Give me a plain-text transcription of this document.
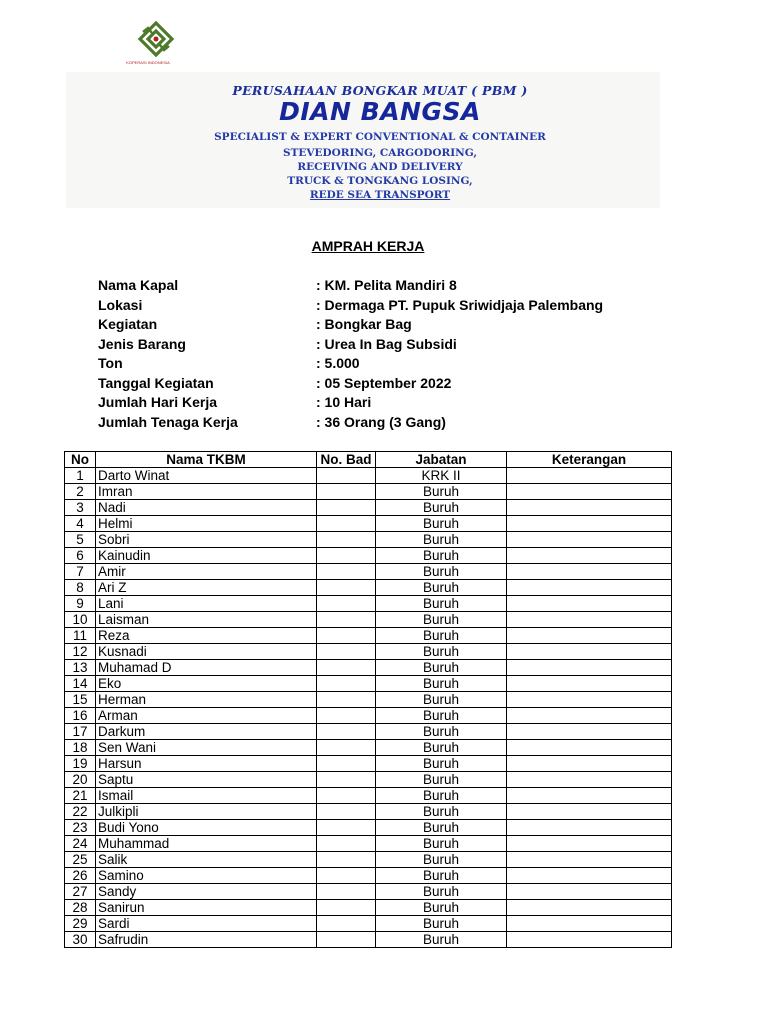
KOPERASI INDONESIA
PERUSAHAAN BONGKAR MUAT ( PBM )
DIAN BANGSA
SPECIALIST & EXPERT CONVENTIONAL & CONTAINER
STEVEDORING, CARGODORING,
RECEIVING AND DELIVERY
TRUCK & TONGKANG LOSING,
REDE SEA TRANSPORT
AMPRAH KERJA
Nama Kapal	: KM. Pelita Mandiri 8
Lokasi	: Dermaga PT. Pupuk Sriwidjaja Palembang
Kegiatan	: Bongkar Bag
Jenis Barang	: Urea In Bag Subsidi
Ton	: 5.000
Tanggal Kegiatan	: 05 September 2022
Jumlah Hari Kerja	: 10 Hari
Jumlah Tenaga Kerja	: 36 Orang (3 Gang)
No	Nama TKBM	No. Bad	Jabatan	Keterangan
1	Darto Winat		KRK II	
2	Imran		Buruh	
3	Nadi		Buruh	
4	Helmi		Buruh	
5	Sobri		Buruh	
6	Kainudin		Buruh	
7	Amir		Buruh	
8	Ari Z		Buruh	
9	Lani		Buruh	
10	Laisman		Buruh	
11	Reza		Buruh	
12	Kusnadi		Buruh	
13	Muhamad D		Buruh	
14	Eko		Buruh	
15	Herman		Buruh	
16	Arman		Buruh	
17	Darkum		Buruh	
18	Sen Wani		Buruh	
19	Harsun		Buruh	
20	Saptu		Buruh	
21	Ismail		Buruh	
22	Julkipli		Buruh	
23	Budi Yono		Buruh	
24	Muhammad		Buruh	
25	Salik		Buruh	
26	Samino		Buruh	
27	Sandy		Buruh	
28	Sanirun		Buruh	
29	Sardi		Buruh	
30	Safrudin		Buruh	
